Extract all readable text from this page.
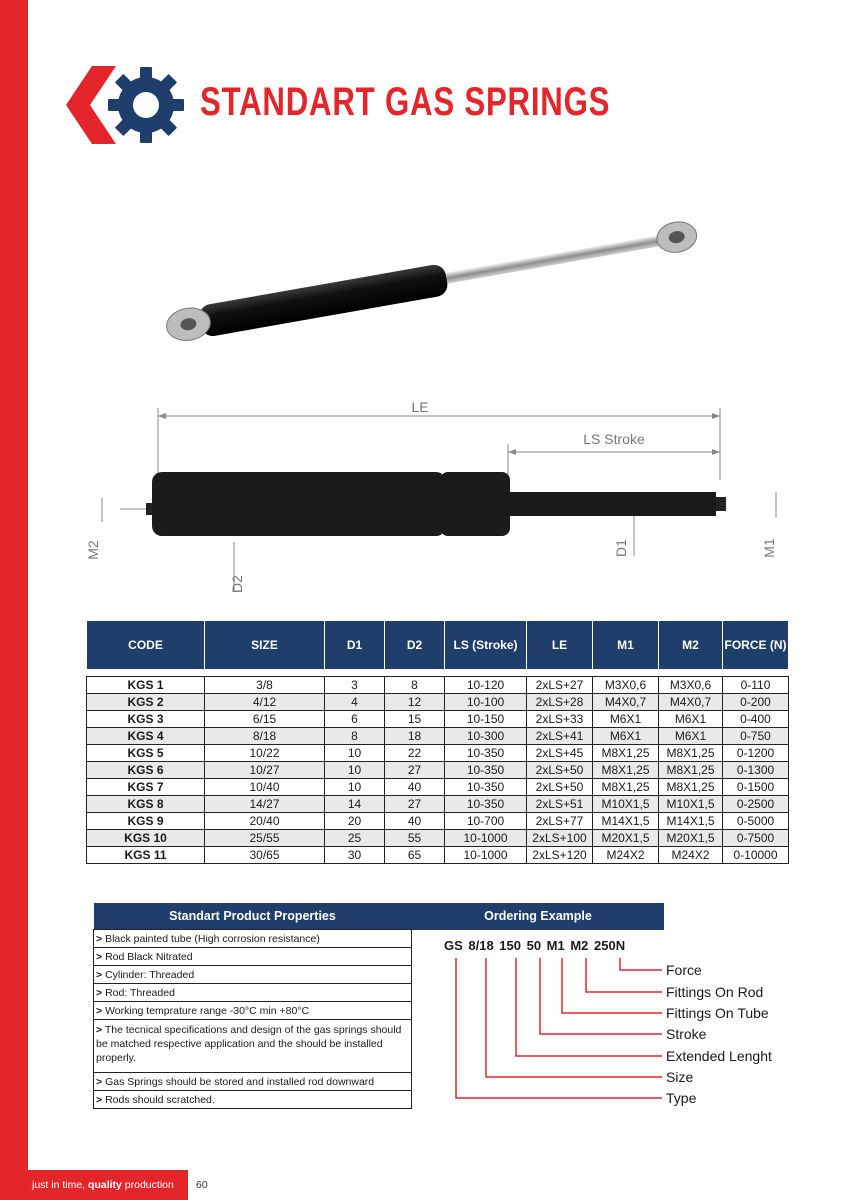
STANDART GAS SPRINGS
LE
LS Stroke
M2
D2
D1	M1
CODE	SIZE	D1	D2	LS (Stroke)	LE	M1	M2	FORCE (N)

KGS 1	3/8	3	8	10-120	2xLS+27	M3X0,6	M3X0,6	0-110
KGS 2	4/12	4	12	10-100	2xLS+28	M4X0,7	M4X0,7	0-200
KGS 3	6/15	6	15	10-150	2xLS+33	M6X1	M6X1	0-400
KGS 4	8/18	8	18	10-300	2xLS+41	M6X1	M6X1	0-750
KGS 5	10/22	10	22	10-350	2xLS+45	M8X1,25	M8X1,25	0-1200
KGS 6	10/27	10	27	10-350	2xLS+50	M8X1,25	M8X1,25	0-1300
KGS 7	10/40	10	40	10-350	2xLS+50	M8X1,25	M8X1,25	0-1500
KGS 8	14/27	14	27	10-350	2xLS+51	M10X1,5	M10X1,5	0-2500
KGS 9	20/40	20	40	10-700	2xLS+77	M14X1,5	M14X1,5	0-5000
KGS 10	25/55	25	55	10-1000	2xLS+100	M20X1,5	M20X1,5	0-7500
KGS 11	30/65	30	65	10-1000	2xLS+120	M24X2	M24X2	0-10000
Standart Product Properties
> Black painted tube (High corrosion resistance)
> Rod Black Nitrated
> Cylinder: Threaded
> Rod: Threaded
> Working temprature range -30°C min +80°C
> The tecnical specifications and design of the gas springs should be matched respective application and the should be installed properly.
> Gas Springs should be stored and installed rod downward
> Rods should scratched.
Ordering Example
GS 8/18 150 50 M1 M2 250N
Force
Fittings On Rod
Fittings On Tube
Stroke
Extended Lenght
Size
Type
just in time, quality production	60
